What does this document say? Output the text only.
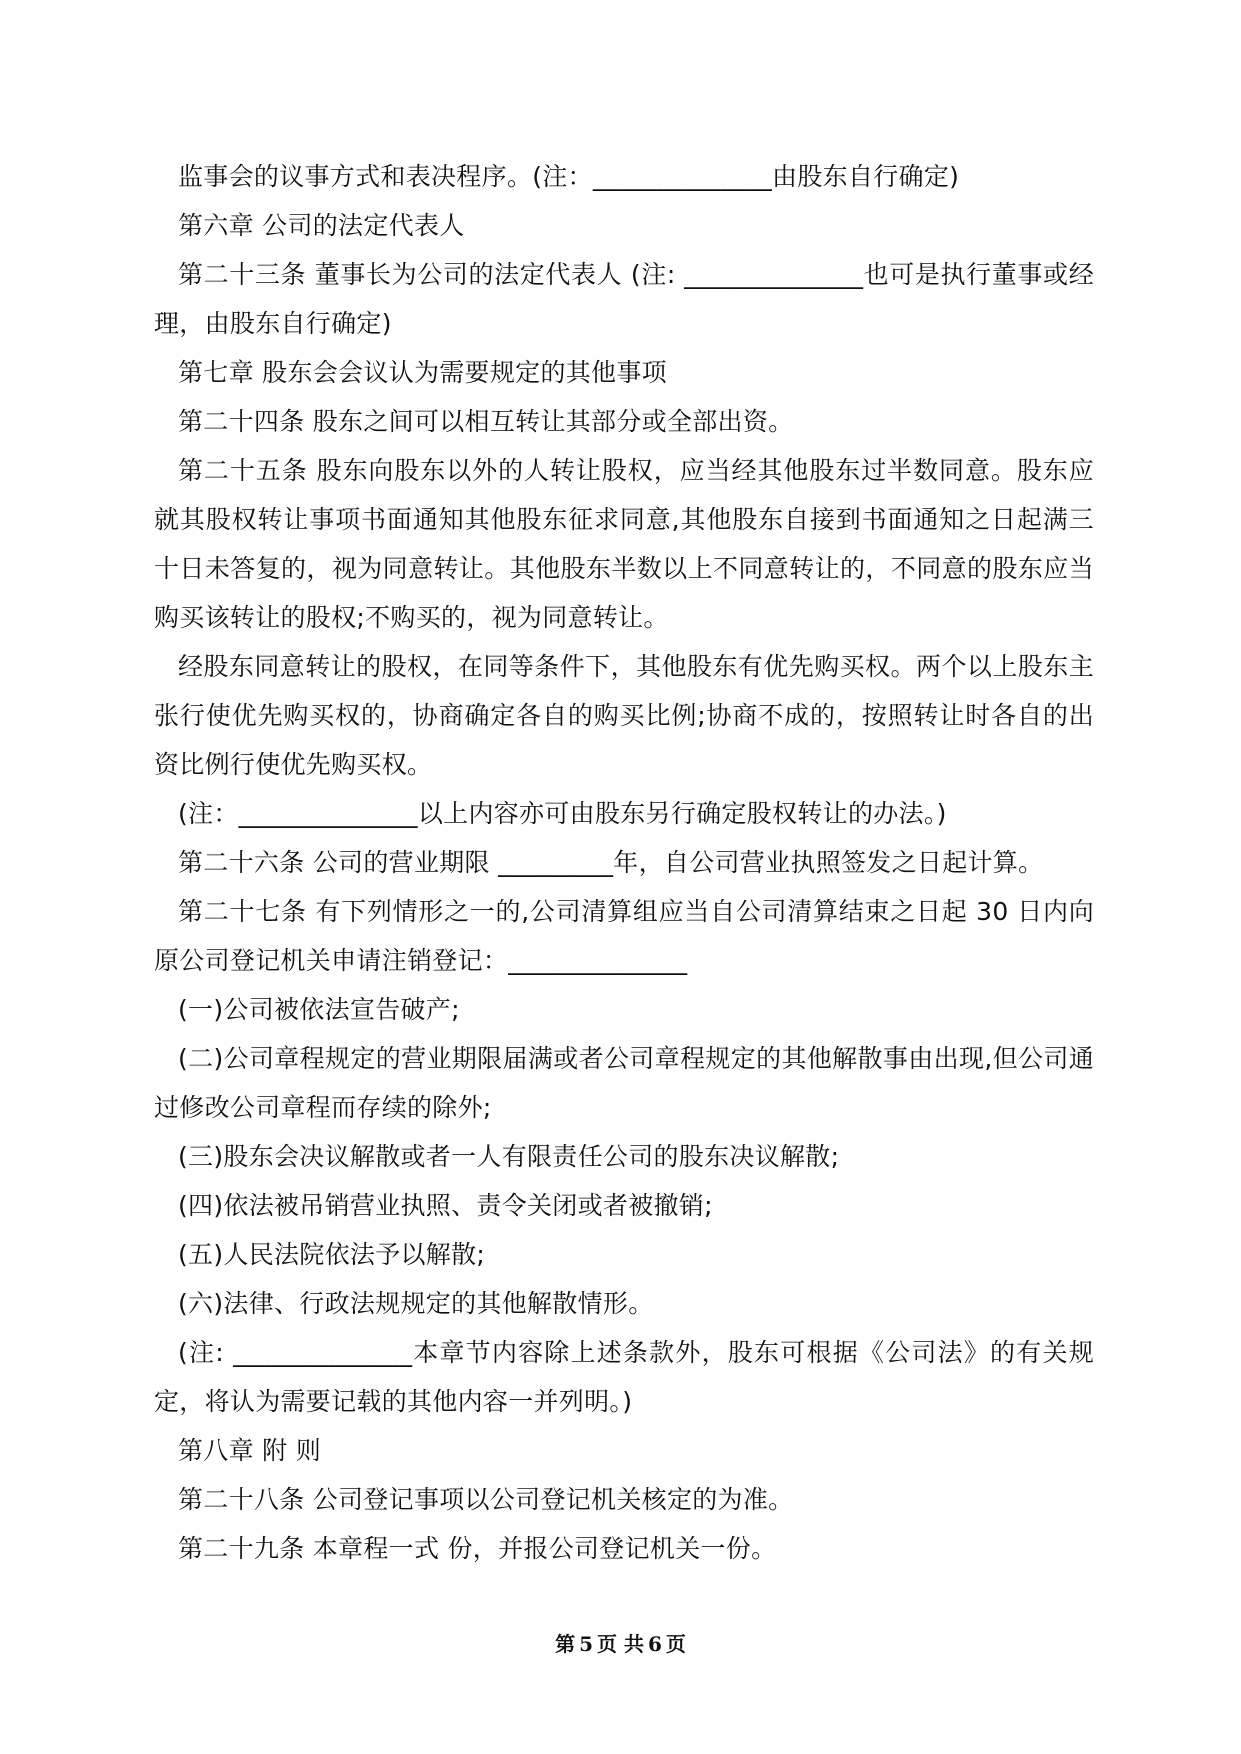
监事会的议事方式和表决程序。(注：______________由股东自行确定)

第六章 公司的法定代表人

第二十三条 董事长为公司的法定代表人 (注: ______________也可是执行董事或经理，由股东自行确定)

第七章 股东会会议认为需要规定的其他事项

第二十四条 股东之间可以相互转让其部分或全部出资。

第二十五条 股东向股东以外的人转让股权，应当经其他股东过半数同意。股东应就其股权转让事项书面通知其他股东征求同意,其他股东自接到书面通知之日起满三十日未答复的，视为同意转让。其他股东半数以上不同意转让的，不同意的股东应当购买该转让的股权;不购买的，视为同意转让。

经股东同意转让的股权，在同等条件下，其他股东有优先购买权。两个以上股东主张行使优先购买权的，协商确定各自的购买比例;协商不成的，按照转让时各自的出资比例行使优先购买权。

(注：______________以上内容亦可由股东另行确定股权转让的办法。)

第二十六条 公司的营业期限 _________年，自公司营业执照签发之日起计算。

第二十七条 有下列情形之一的,公司清算组应当自公司清算结束之日起 30 日内向原公司登记机关申请注销登记：______________

(一)公司被依法宣告破产;

(二)公司章程规定的营业期限届满或者公司章程规定的其他解散事由出现,但公司通过修改公司章程而存续的除外;

(三)股东会决议解散或者一人有限责任公司的股东决议解散;

(四)依法被吊销营业执照、责令关闭或者被撤销;

(五)人民法院依法予以解散;

(六)法律、行政法规规定的其他解散情形。

(注: ______________本章节内容除上述条款外，股东可根据《公司法》的有关规定，将认为需要记载的其他内容一并列明。)

第八章 附 则

第二十八条 公司登记事项以公司登记机关核定的为准。

第二十九条 本章程一式 份，并报公司登记机关一份。

第 5 页 共 6 页
